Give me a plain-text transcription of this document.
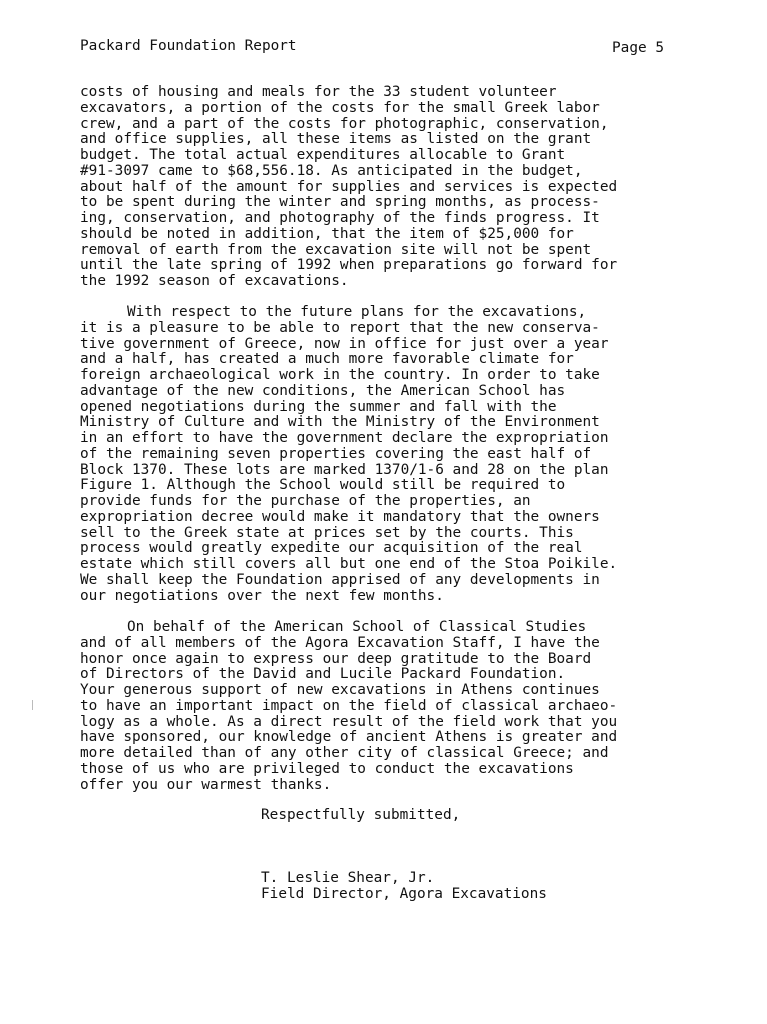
Packard Foundation Report	Page 5
costs of housing and meals for the 33 student volunteer
excavators, a portion of the costs for the small Greek labor
crew, and a part of the costs for photographic, conservation,
and office supplies, all these items as listed on the grant
budget. The total actual expenditures allocable to Grant
#91-3097 came to $68,556.18. As anticipated in the budget,
about half of the amount for supplies and services is expected
to be spent during the winter and spring months, as process-
ing, conservation, and photography of the finds progress. It
should be noted in addition, that the item of $25,000 for
removal of earth from the excavation site will not be spent
until the late spring of 1992 when preparations go forward for
the 1992 season of excavations.
With respect to the future plans for the excavations,
it is a pleasure to be able to report that the new conserva-
tive government of Greece, now in office for just over a year
and a half, has created a much more favorable climate for
foreign archaeological work in the country. In order to take
advantage of the new conditions, the American School has
opened negotiations during the summer and fall with the
Ministry of Culture and with the Ministry of the Environment
in an effort to have the government declare the expropriation
of the remaining seven properties covering the east half of
Block 1370. These lots are marked 1370/1-6 and 28 on the plan
Figure 1. Although the School would still be required to
provide funds for the purchase of the properties, an
expropriation decree would make it mandatory that the owners
sell to the Greek state at prices set by the courts. This
process would greatly expedite our acquisition of the real
estate which still covers all but one end of the Stoa Poikile.
We shall keep the Foundation apprised of any developments in
our negotiations over the next few months.
On behalf of the American School of Classical Studies
and of all members of the Agora Excavation Staff, I have the
honor once again to express our deep gratitude to the Board
of Directors of the David and Lucile Packard Foundation.
Your generous support of new excavations in Athens continues
to have an important impact on the field of classical archaeo-
logy as a whole. As a direct result of the field work that you
have sponsored, our knowledge of ancient Athens is greater and
more detailed than of any other city of classical Greece; and
those of us who are privileged to conduct the excavations
offer you our warmest thanks.
Respectfully submitted,
T. Leslie Shear, Jr.
Field Director, Agora Excavations
